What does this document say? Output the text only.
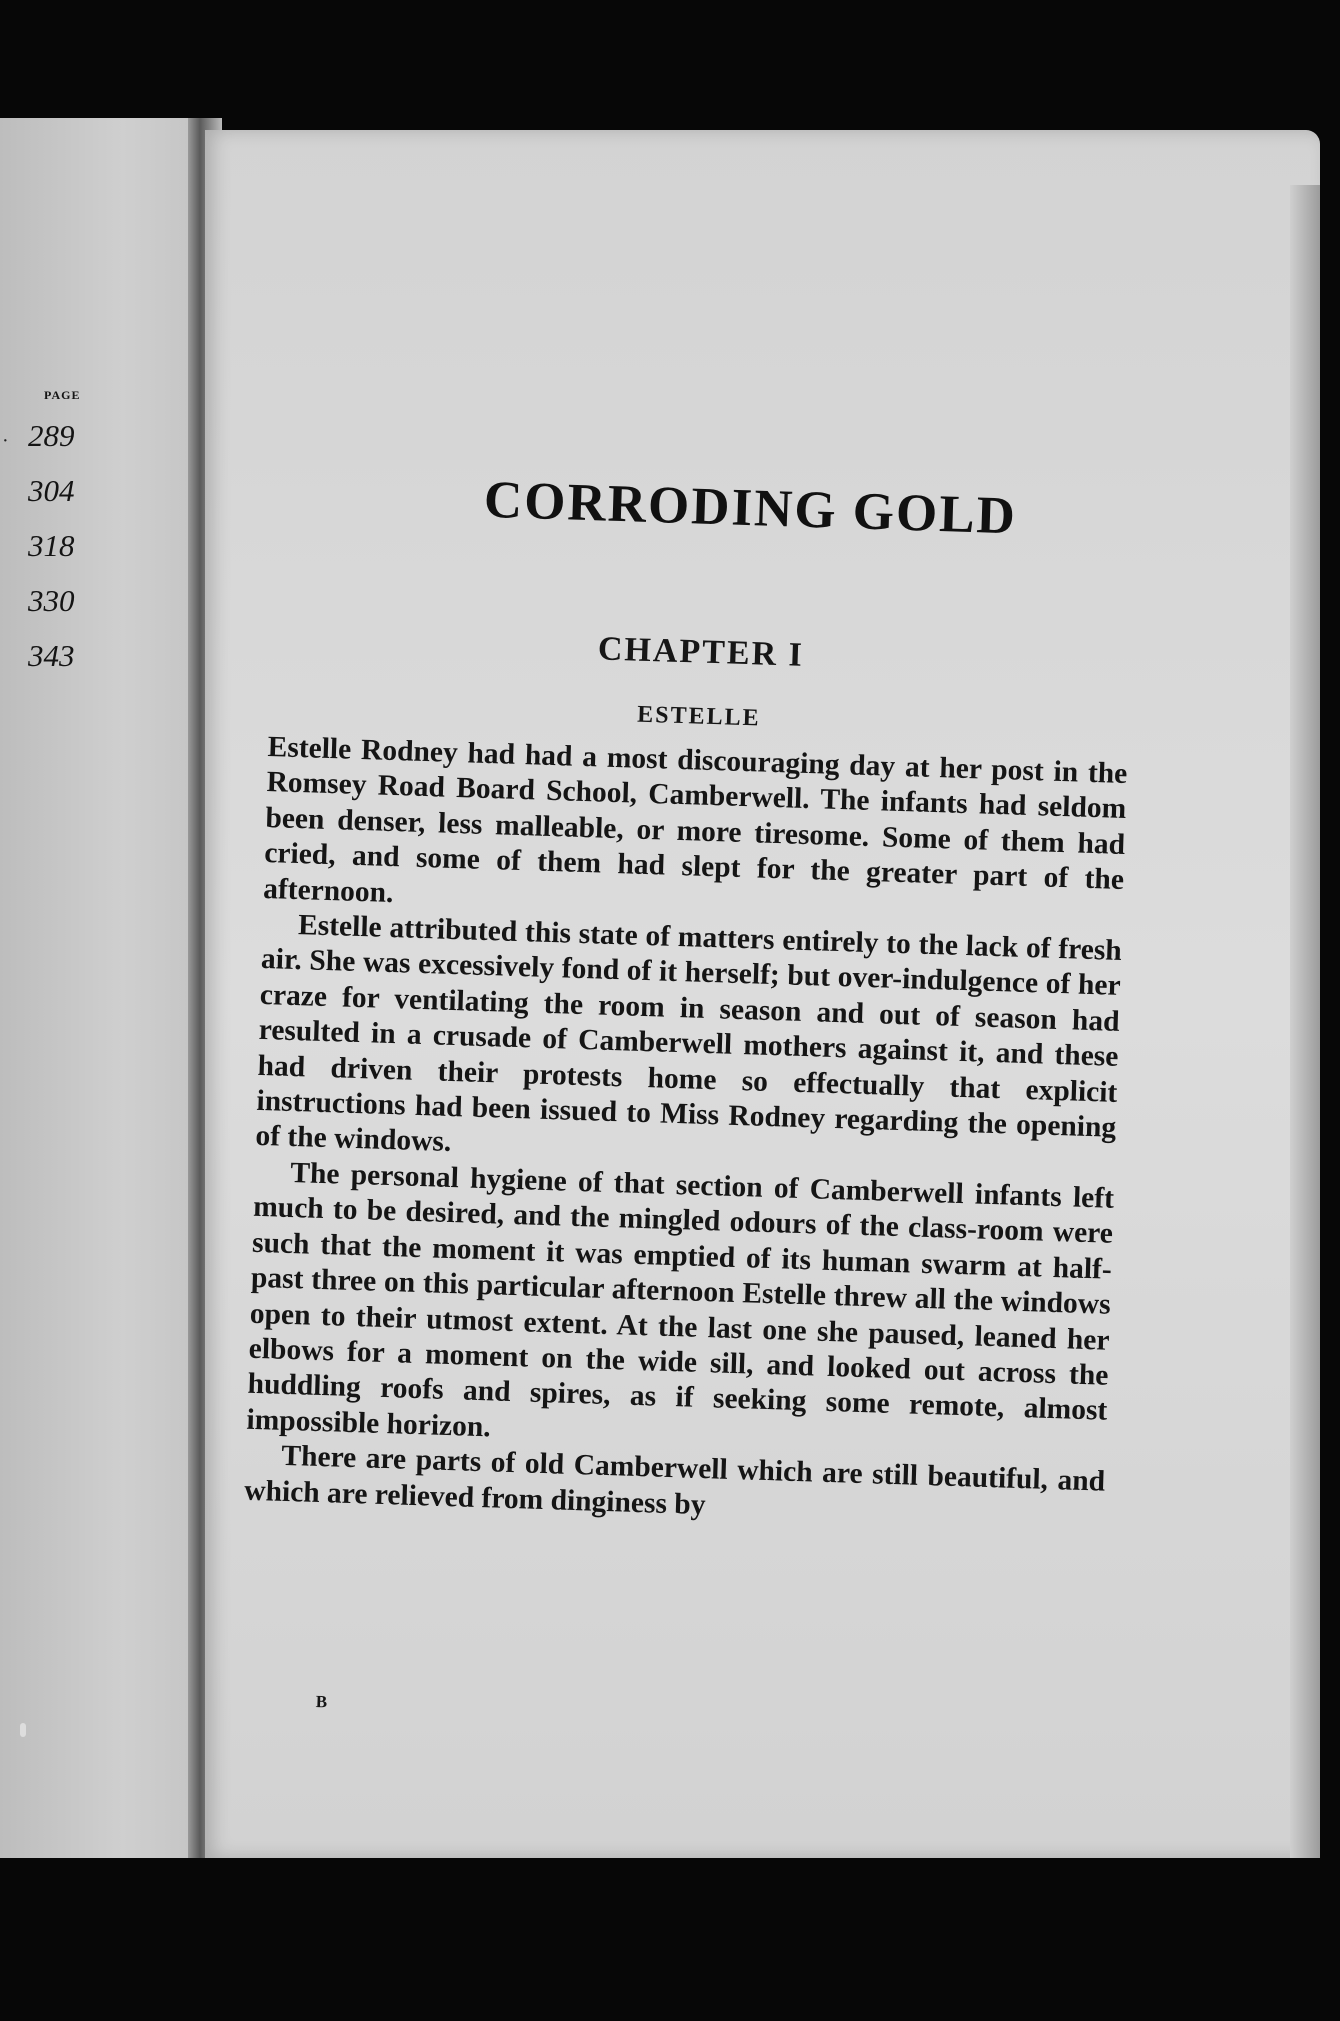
PAGE
· 289
304
318
330
343
CORRODING GOLD
CHAPTER I
ESTELLE

Estelle Rodney had had a most discouraging day at her post in the Romsey Road Board School, Camberwell. The infants had seldom been denser, less malleable, or more tiresome. Some of them had cried, and some of them had slept for the greater part of the afternoon.

Estelle attributed this state of matters entirely to the lack of fresh air. She was excessively fond of it herself; but over-indulgence of her craze for ventilating the room in season and out of season had resulted in a crusade of Camberwell mothers against it, and these had driven their protests home so effectually that explicit instructions had been issued to Miss Rodney regarding the opening of the windows.

The personal hygiene of that section of Camberwell infants left much to be desired, and the mingled odours of the class-room were such that the moment it was emptied of its human swarm at half-past three on this particular afternoon Estelle threw all the windows open to their utmost extent. At the last one she paused, leaned her elbows for a moment on the wide sill, and looked out across the huddling roofs and spires, as if seeking some remote, almost impossible horizon.

There are parts of old Camberwell which are still beautiful, and which are relieved from dinginess by

B
